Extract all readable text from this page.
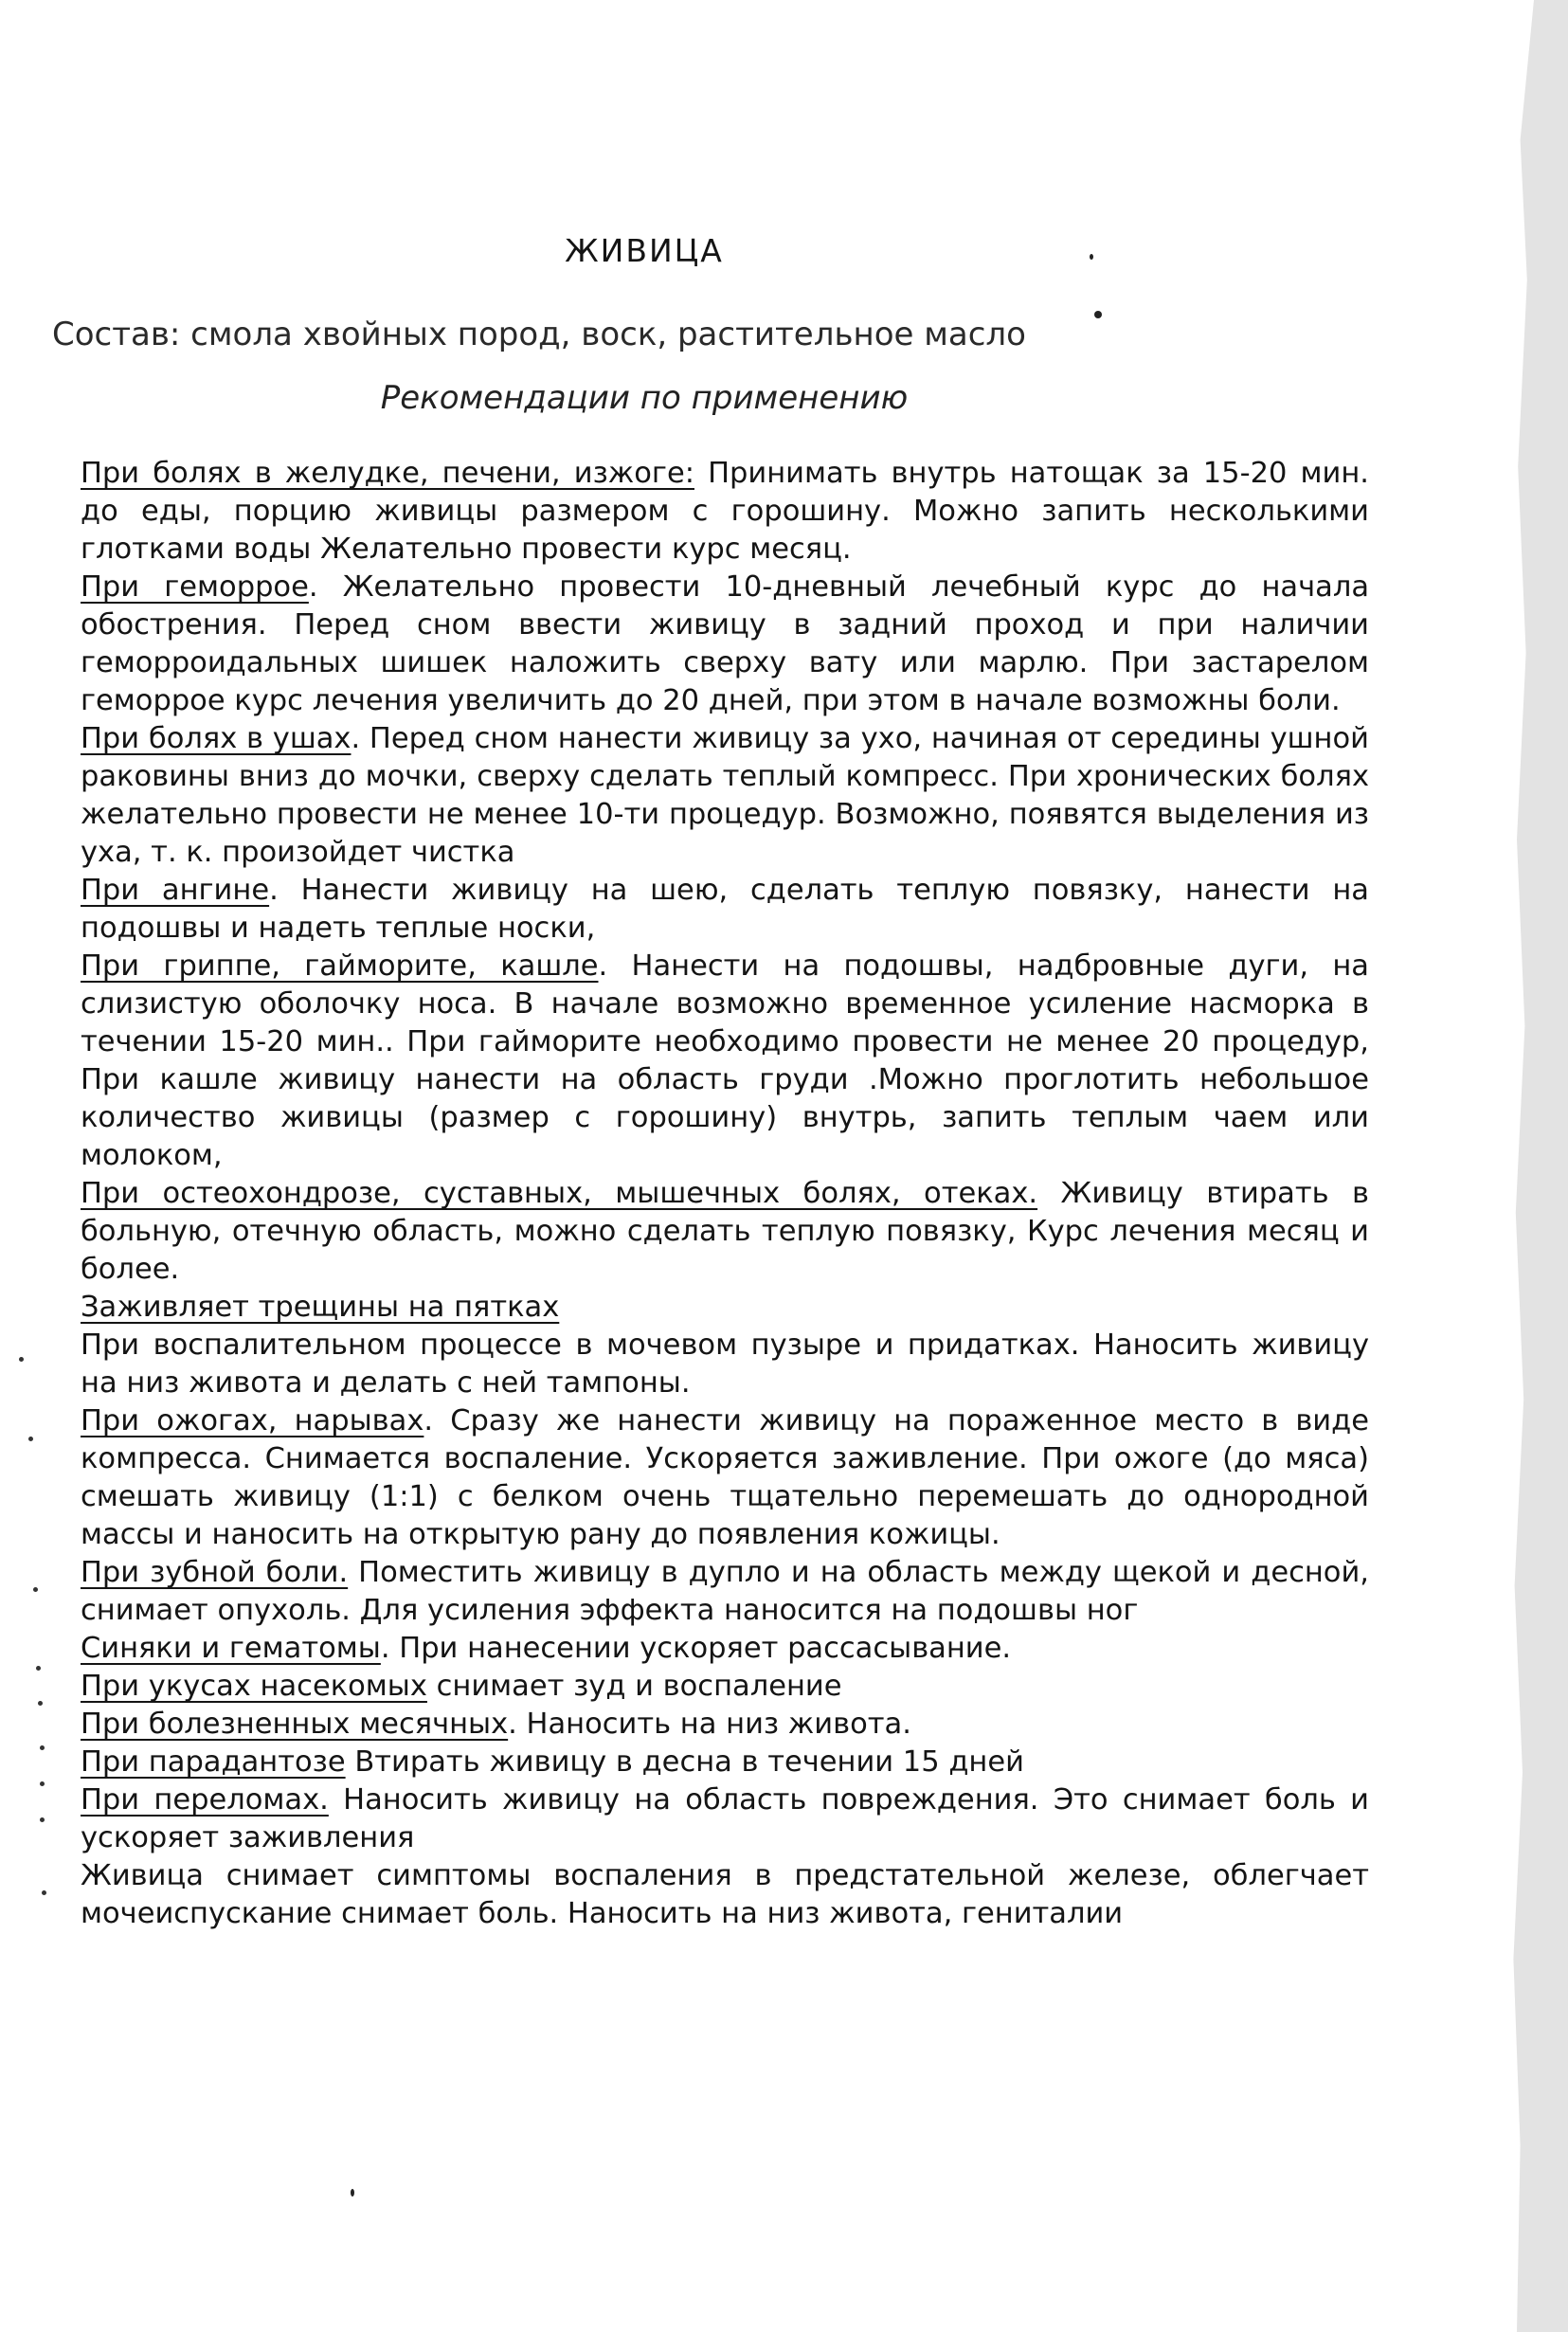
ЖИВИЦА
Состав: смола хвойных пород, воск, растительное масло
Рекомендации по применению

При болях в желудке, печени, изжоге: Принимать внутрь натощак за 15-20 мин. до еды, порцию живицы размером с горошину. Можно запить несколькими глотками воды Желательно провести курс месяц.

При геморрое. Желательно провести 10-дневный лечебный курс до начала обострения. Перед сном ввести живицу в задний проход и при наличии геморроидальных шишек наложить сверху вату или марлю. При застарелом геморрое курс лечения увеличить до 20 дней, при этом в начале возможны боли.

При болях в ушах. Перед сном нанести живицу за ухо, начиная от середины ушной раковины вниз до мочки, сверху сделать теплый компресс. При хронических болях желательно провести не менее 10-ти процедур. Возможно, появятся выделения из уха, т. к. произойдет чистка

При ангине. Нанести живицу на шею, сделать теплую повязку, нанести на подошвы и надеть теплые носки,

При гриппе, гайморите, кашле. Нанести на подошвы, надбровные дуги, на слизистую оболочку носа. В начале возможно временное усиление насморка в течении 15-20 мин.. При гайморите необходимо провести не менее 20 процедур, При кашле живицу нанести на область груди .Можно проглотить небольшое количество живицы (размер с горошину) внутрь, запить теплым чаем или молоком,

При остеохондрозе, суставных, мышечных болях, отеках. Живицу втирать в больную, отечную область, можно сделать теплую повязку, Курс лечения месяц и более.

Заживляет трещины на пятках

При воспалительном процессе в мочевом пузыре и придатках. Наносить живицу на низ живота и делать с ней тампоны.

При ожогах, нарывах. Сразу же нанести живицу на пораженное место в виде компресса. Снимается воспаление. Ускоряется заживление. При ожоге (до мяса) смешать живицу (1:1) с белком очень тщательно перемешать до однородной массы и наносить на открытую рану до появления кожицы.

При зубной боли. Поместить живицу в дупло и на область между щекой и десной, снимает опухоль. Для усиления эффекта наносится на подошвы ног

Синяки и гематомы. При нанесении ускоряет рассасывание.

При укусах насекомых снимает зуд и воспаление

При болезненных месячных. Наносить на низ живота.

При парадантозе Втирать живицу в десна в течении 15 дней

При переломах. Наносить живицу на область повреждения. Это снимает боль и ускоряет заживления

Живица снимает симптомы воспаления в предстательной железе, облегчает мочеиспускание снимает боль. Наносить на низ живота, гениталии
